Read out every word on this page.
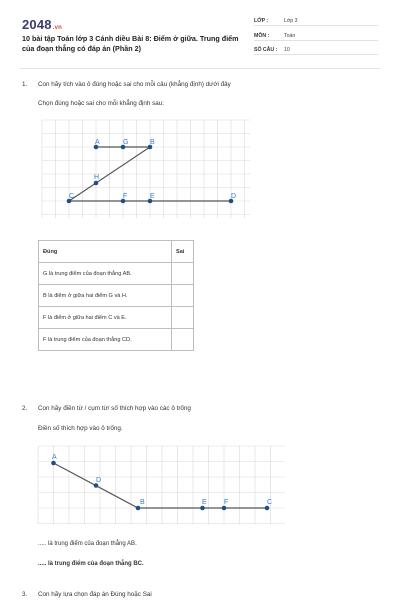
2048.vn
10 bài tập Toán lớp 3 Cánh diều Bài 8: Điểm ở giữa. Trung điểm của đoạn thẳng có đáp án (Phần 2)
LỚP :	Lớp 3
MÔN :	Toán
SỐ CÂU : 10
1. Con hãy tích vào ô đúng hoặc sai cho mỗi câu (khẳng định) dưới đây
Chọn đúng hoặc sai cho mỗi khẳng định sau:
A	G	B
H
C	F	E	D
Đúng	Sai
G là trung điểm của đoạn thẳng AB.	
B là điểm ở giữa hai điểm G và H.	
F là điểm ở giữa hai điểm C và E.	
F là trung điểm của đoạn thẳng CD.	
2. Con hãy điền từ / cụm từ/ số thích hợp vào các ô trống
Điền số thích hợp vào ô trống.
A
D
B	E F	C
..... là trung điểm của đoạn thẳng AB.
..... là trung điểm của đoạn thẳng BC.
3. Con hãy lựa chọn đáp án Đúng hoặc Sai
